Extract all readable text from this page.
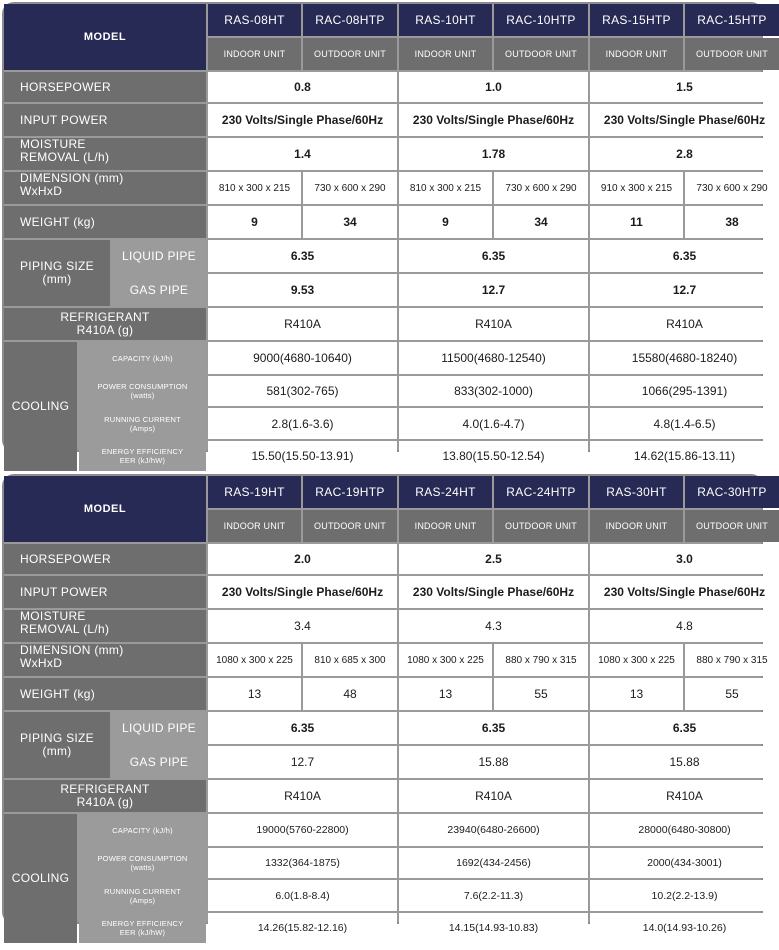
MODEL
RAS-08HT	RAC-08HTP	RAS-10HT	RAC-10HTP	RAS-15HTP	RAC-15HTP
INDOOR UNIT	OUTDOOR UNIT	INDOOR UNIT	OUTDOOR UNIT	INDOOR UNIT	OUTDOOR UNIT
HORSEPOWER	0.8	1.0	1.5
INPUT POWER	230 Volts/Single Phase/60Hz	230 Volts/Single Phase/60Hz	230 Volts/Single Phase/60Hz
MOISTURE
REMOVAL (L/h)	1.4	1.78	2.8
DIMENSION (mm)
WxHxD	810 x 300 x 215	730 x 600 x 290	810 x 300 x 215	730 x 600 x 290	910 x 300 x 215	730 x 600 x 290
WEIGHT (kg)	9	34	9	34	11	38
PIPING SIZE
(mm)
LIQUID PIPE	6.35	6.35	6.35
GAS PIPE	9.53	12.7	12.7
REFRIGERANT
R410A (g)	R410A	R410A	R410A
COOLING
CAPACITY (kJ/h)	9000(4680-10640)	11500(4680-12540)	15580(4680-18240)
POWER CONSUMPTION
(watts)	581(302-765)	833(302-1000)	1066(295-1391)
RUNNING CURRENT
(Amps)	2.8(1.6-3.6)	4.0(1.6-4.7)	4.8(1.4-6.5)
ENERGY EFFICIENCY
EER (kJ/hW)	15.50(15.50-13.91)	13.80(15.50-12.54)	14.62(15.86-13.11)
MODEL
RAS-19HT	RAC-19HTP	RAS-24HT	RAC-24HTP	RAS-30HT	RAC-30HTP
INDOOR UNIT	OUTDOOR UNIT	INDOOR UNIT	OUTDOOR UNIT	INDOOR UNIT	OUTDOOR UNIT
HORSEPOWER	2.0	2.5	3.0
INPUT POWER	230 Volts/Single Phase/60Hz	230 Volts/Single Phase/60Hz	230 Volts/Single Phase/60Hz
MOISTURE
REMOVAL (L/h)	3.4	4.3	4.8
DIMENSION (mm)
WxHxD	1080 x 300 x 225	810 x 685 x 300	1080 x 300 x 225	880 x 790 x 315	1080 x 300 x 225	880 x 790 x 315
WEIGHT (kg)	13	48	13	55	13	55
PIPING SIZE
(mm)
LIQUID PIPE	6.35	6.35	6.35
GAS PIPE	12.7	15.88	15.88
REFRIGERANT
R410A (g)	R410A	R410A	R410A
COOLING
CAPACITY (kJ/h)	19000(5760-22800)	23940(6480-26600)	28000(6480-30800)
POWER CONSUMPTION
(watts)	1332(364-1875)	1692(434-2456)	2000(434-3001)
RUNNING CURRENT
(Amps)	6.0(1.8-8.4)	7.6(2.2-11.3)	10.2(2.2-13.9)
ENERGY EFFICIENCY
EER (kJ/hW)	14.26(15.82-12.16)	14.15(14.93-10.83)	14.0(14.93-10.26)
